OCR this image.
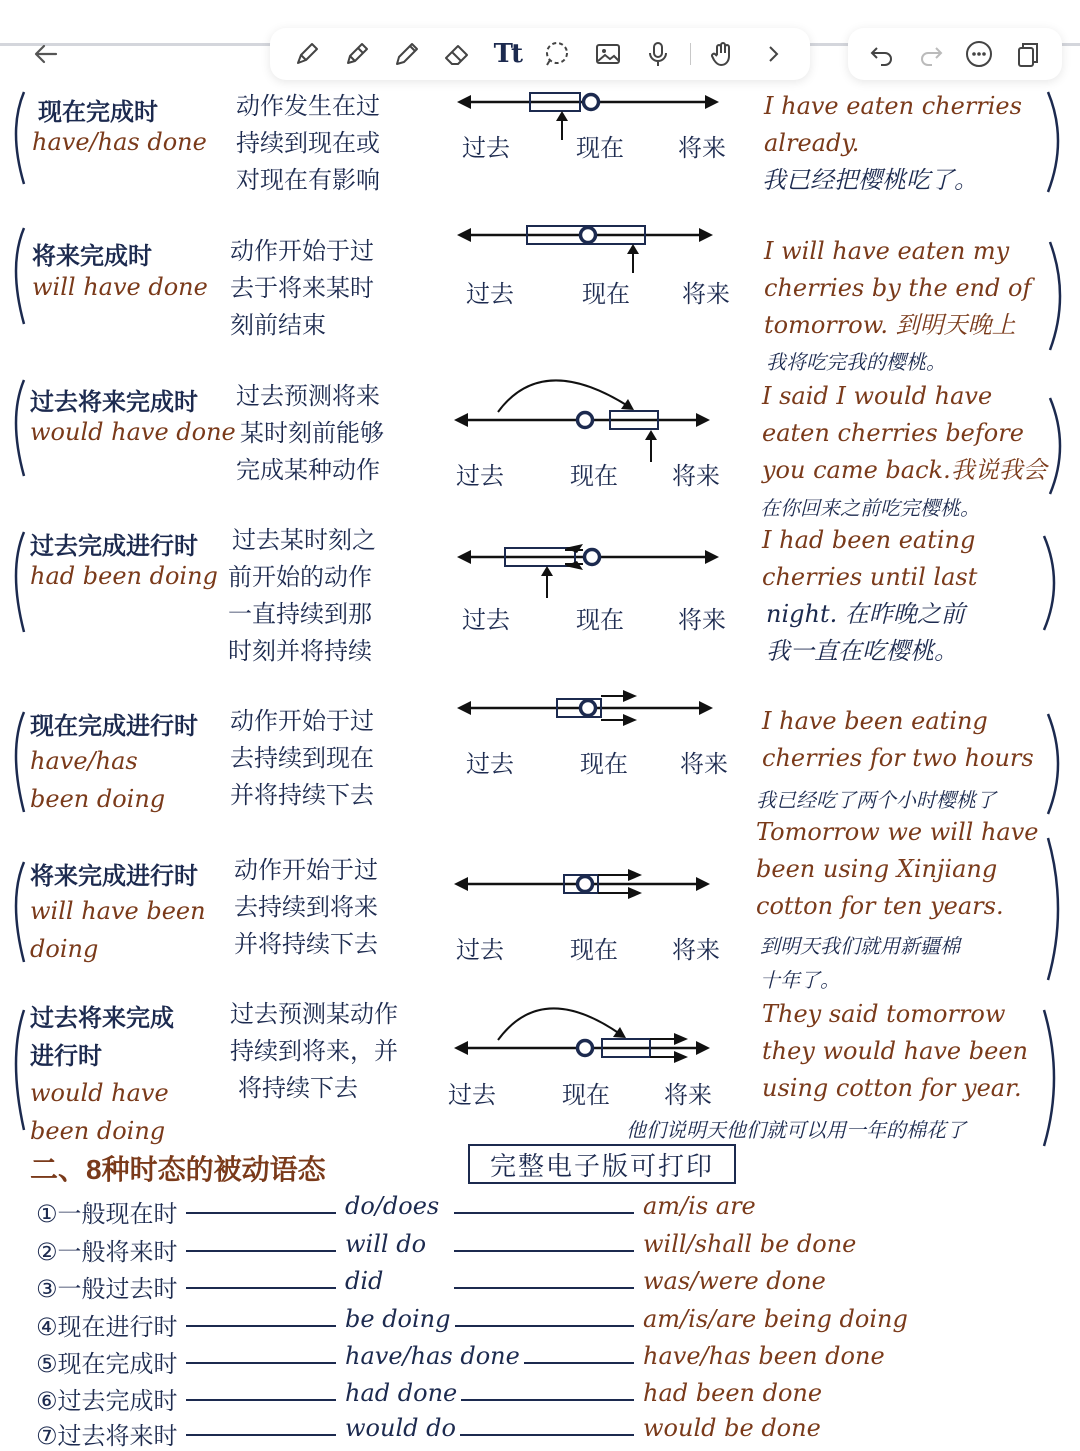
Tt
现在完成时
have/has done
动作发生在过
持续到现在或
对现在有影响
过去	现在 将来
I have eaten cherries
already.
我已经把樱桃吃了。
将来完成时
will have done
动作开始于过
去于将来某时
刻前结束
过去	现在 将来
I will have eaten my
cherries by the end of
tomorrow. 到明天晚上
我将吃完我的樱桃。
过去将来完成时
would have done
过去预测将来
某时刻前能够
完成某种动作	过去	现在 将来
I said I would have
eaten cherries before
you came back.我说我会
在你回来之前吃完樱桃。
过去完成进行时
had been doing
过去某时刻之
前开始的动作
一直持续到那
时刻并将持续
过去	现在 将来
I had been eating
cherries until last
night. 在昨晚之前
我一直在吃樱桃。
现在完成进行时
have/has
been doing
动作开始于过
去持续到现在
并将持续下去
过去	现在 将来
I have been eating
cherries for two hours
我已经吃了两个小时樱桃了
将来完成进行时
will have been
doing
动作开始于过
去持续到将来
并将持续下去	过去	现在 将来
Tomorrow we will have
been using Xinjiang
cotton for ten years.
到明天我们就用新疆棉
十年了。
过去将来完成
进行时
would have
been doing
过去预测某动作
持续到将来，并
将持续下去	过去	现在 将来
They said tomorrow
they would have been
using cotton for year.
他们说明天他们就可以用一年的棉花了
二、8种时态的被动语态	完整电子版可打印
①一般现在时	do/does	am/is are
②一般将来时	will do	will/shall be done
③一般过去时	did	was/were done
④现在进行时	be doing	am/is/are being doing
⑤现在完成时	have/has done	have/has been done
⑥过去完成时	had done	had been done
⑦过去将来时	would do	would be done
